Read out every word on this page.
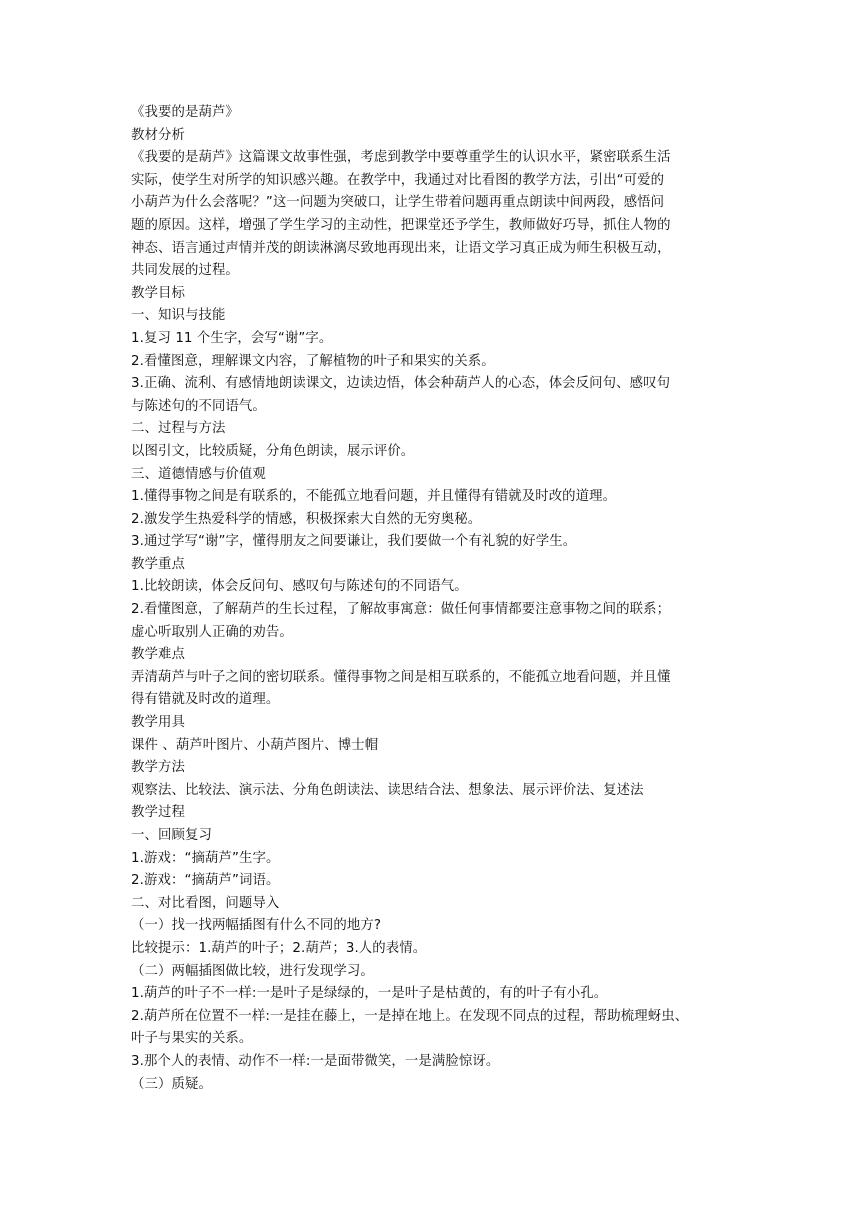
《我要的是葫芦》
教材分析
《我要的是葫芦》这篇课文故事性强，考虑到教学中要尊重学生的认识水平，紧密联系生活
实际，使学生对所学的知识感兴趣。在教学中，我通过对比看图的教学方法，引出“可爱的
小葫芦为什么会落呢？”这一问题为突破口，让学生带着问题再重点朗读中间两段，感悟问
题的原因。这样，增强了学生学习的主动性，把课堂还予学生，教师做好巧导，抓住人物的
神态、语言通过声情并茂的朗读淋漓尽致地再现出来，让语文学习真正成为师生积极互动，
共同发展的过程。
教学目标
一、知识与技能
1.复习 11 个生字，会写“谢”字。
2.看懂图意，理解课文内容，了解植物的叶子和果实的关系。
3.正确、流利、有感情地朗读课文，边读边悟，体会种葫芦人的心态，体会反问句、感叹句
与陈述句的不同语气。
二、过程与方法
以图引文，比较质疑，分角色朗读，展示评价。
三、道德情感与价值观
1.懂得事物之间是有联系的，不能孤立地看问题，并且懂得有错就及时改的道理。
2.激发学生热爱科学的情感，积极探索大自然的无穷奥秘。
3.通过学写“谢”字，懂得朋友之间要谦让，我们要做一个有礼貌的好学生。
教学重点
1.比较朗读，体会反问句、感叹句与陈述句的不同语气。
2.看懂图意，了解葫芦的生长过程，了解故事寓意：做任何事情都要注意事物之间的联系；
虚心听取别人正确的劝告。
教学难点
弄清葫芦与叶子之间的密切联系。懂得事物之间是相互联系的，不能孤立地看问题，并且懂
得有错就及时改的道理。
教学用具
课件 、葫芦叶图片、小葫芦图片、博士帽
教学方法
观察法、比较法、演示法、分角色朗读法、读思结合法、想象法、展示评价法、复述法
教学过程
一、回顾复习
1.游戏：“摘葫芦”生字。
2.游戏：“摘葫芦”词语。
二、对比看图，问题导入
（一）找一找两幅插图有什么不同的地方?
比较提示：1.葫芦的叶子；2.葫芦；3.人的表情。
（二）两幅插图做比较，进行发现学习。
1.葫芦的叶子不一样:一是叶子是绿绿的，一是叶子是枯黄的，有的叶子有小孔。
2.葫芦所在位置不一样:一是挂在藤上，一是掉在地上。在发现不同点的过程，帮助梳理蚜虫、
叶子与果实的关系。
3.那个人的表情、动作不一样:一是面带微笑，一是满脸惊讶。
（三）质疑。
